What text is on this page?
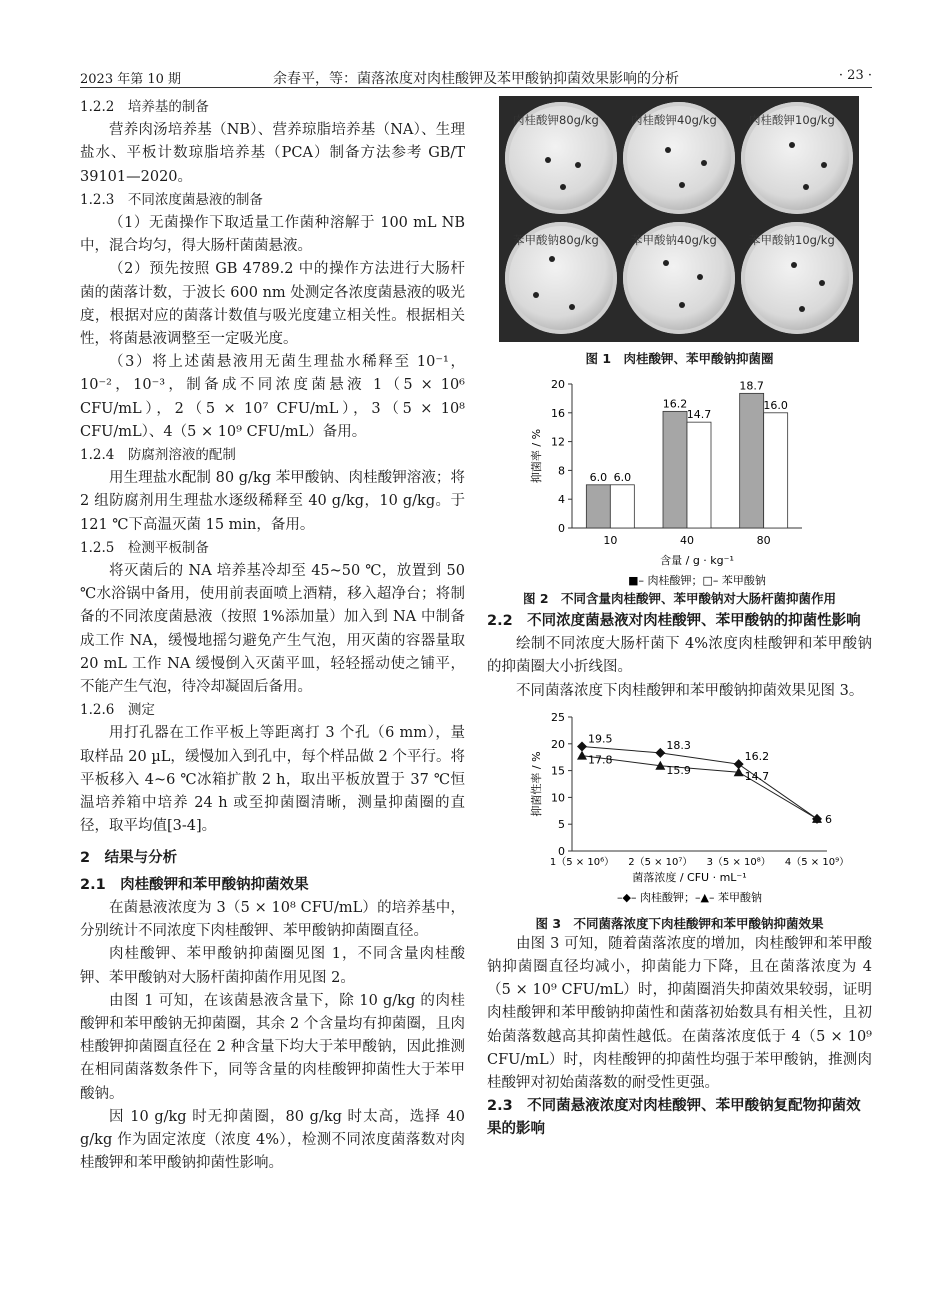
2023 年第 10 期	余春平，等：菌落浓度对肉桂酸钾及苯甲酸钠抑菌效果影响的分析	· 23 ·
1.2.2　培养基的制备
营养肉汤培养基（NB）、营养琼脂培养基（NA）、生理盐水、平板计数琼脂培养基（PCA）制备方法参考 GB/T 39101—2020。
1.2.3　不同浓度菌悬液的制备
（1）无菌操作下取适量工作菌种溶解于 100 mL NB 中，混合均匀，得大肠杆菌菌悬液。
（2）预先按照 GB 4789.2 中的操作方法进行大肠杆菌的菌落计数，于波长 600 nm 处测定各浓度菌悬液的吸光度，根据对应的菌落计数值与吸光度建立相关性。根据相关性，将菌悬液调整至一定吸光度。
（3）将上述菌悬液用无菌生理盐水稀释至 10⁻¹，10⁻²，10⁻³，制备成不同浓度菌悬液 1（5 × 10⁶ CFU/mL），2（5 × 10⁷ CFU/mL），3（5 × 10⁸ CFU/mL）、4（5 × 10⁹ CFU/mL）备用。
1.2.4　防腐剂溶液的配制
用生理盐水配制 80 g/kg 苯甲酸钠、肉桂酸钾溶液；将 2 组防腐剂用生理盐水逐级稀释至 40 g/kg，10 g/kg。于 121 ℃下高温灭菌 15 min，备用。
1.2.5　检测平板制备
将灭菌后的 NA 培养基冷却至 45~50 ℃，放置到 50 ℃水浴锅中备用，使用前表面喷上酒精，移入超净台；将制备的不同浓度菌悬液（按照 1%添加量）加入到 NA 中制备成工作 NA，缓慢地摇匀避免产生气泡，用灭菌的容器量取 20 mL 工作 NA 缓慢倒入灭菌平皿，轻轻摇动使之铺平，不能产生气泡，待冷却凝固后备用。
1.2.6　测定
用打孔器在工作平板上等距离打 3 个孔（6 mm），量取样品 20 µL，缓慢加入到孔中，每个样品做 2 个平行。将平板移入 4~6 ℃冰箱扩散 2 h，取出平板放置于 37 ℃恒温培养箱中培养 24 h 或至抑菌圈清晰，测量抑菌圈的直径，取平均值[3-4]。
2　结果与分析
2.1　肉桂酸钾和苯甲酸钠抑菌效果
在菌悬液浓度为 3（5 × 10⁸ CFU/mL）的培养基中，分别统计不同浓度下肉桂酸钾、苯甲酸钠抑菌圈直径。
肉桂酸钾、苯甲酸钠抑菌圈见图 1，不同含量肉桂酸钾、苯甲酸钠对大肠杆菌抑菌作用见图 2。
由图 1 可知，在该菌悬液含量下，除 10 g/kg 的肉桂酸钾和苯甲酸钠无抑菌圈，其余 2 个含量均有抑菌圈，且肉桂酸钾抑菌圈直径在 2 种含量下均大于苯甲酸钠，因此推测在相同菌落数条件下，同等含量的肉桂酸钾抑菌性大于苯甲酸钠。
因 10 g/kg 时无抑菌圈，80 g/kg 时太高，选择 40 g/kg 作为固定浓度（浓度 4%），检测不同浓度菌落数对肉桂酸钾和苯甲酸钠抑菌性影响。
肉桂酸钾80g/kg	肉桂酸钾40g/kg	肉桂酸钾10g/kg
苯甲酸钠80g/kg	苯甲酸钠40g/kg	苯甲酸钠10g/kg
图 1　肉桂酸钾、苯甲酸钠抑菌圈
0
4
8
12
16
20
10
6.0 6.0
40
16.2
14.7
80
18.7
16.0
抑菌率 / %
含量 / g · kg⁻¹
■– 肉桂酸钾；□– 苯甲酸钠
图 2　不同含量肉桂酸钾、苯甲酸钠对大肠杆菌抑菌作用
2.2　不同浓度菌悬液对肉桂酸钾、苯甲酸钠的抑菌性影响
绘制不同浓度大肠杆菌下 4%浓度肉桂酸钾和苯甲酸钠的抑菌圈大小折线图。
不同菌落浓度下肉桂酸钾和苯甲酸钠抑菌效果见图 3。
0
5
10
15
20
25
1（5 × 10⁶） 2（5 × 10⁷） 3（5 × 10⁸） 4（5 × 10⁹）
19.5	18.3
16.2
6
17.8
15.9	14.7
抑菌性率 / %
菌落浓度 / CFU · mL⁻¹
–◆– 肉桂酸钾；–▲– 苯甲酸钠
图 3　不同菌落浓度下肉桂酸钾和苯甲酸钠抑菌效果
由图 3 可知，随着菌落浓度的增加，肉桂酸钾和苯甲酸钠抑菌圈直径均减小，抑菌能力下降，且在菌落浓度为 4（5 × 10⁹ CFU/mL）时，抑菌圈消失抑菌效果较弱，证明肉桂酸钾和苯甲酸钠抑菌性和菌落初始数具有相关性，且初始菌落数越高其抑菌性越低。在菌落浓度低于 4（5 × 10⁹ CFU/mL）时，肉桂酸钾的抑菌性均强于苯甲酸钠，推测肉桂酸钾对初始菌落数的耐受性更强。
2.3　不同菌悬液浓度对肉桂酸钾、苯甲酸钠复配物抑菌效果的影响
